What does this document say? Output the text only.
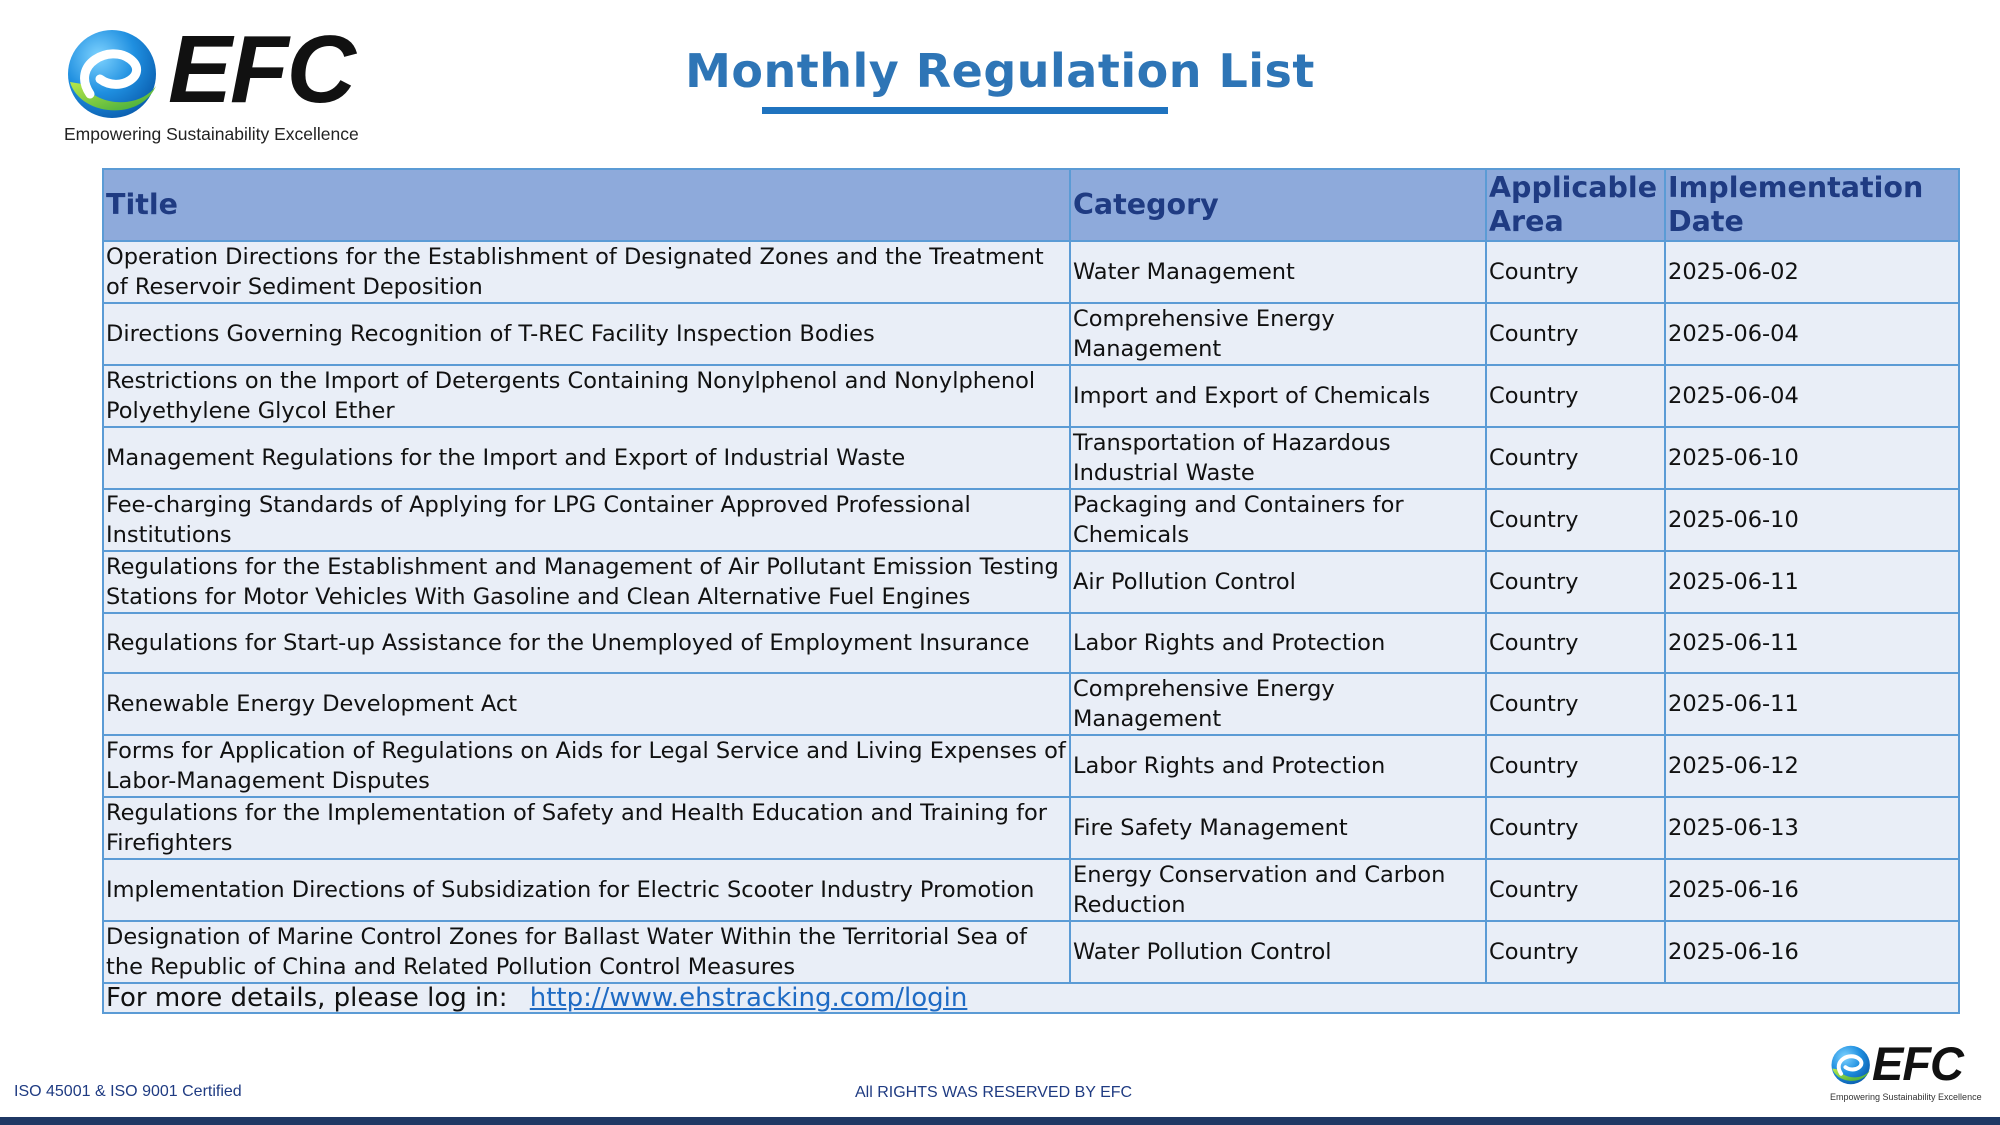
EFC
Empowering Sustainability Excellence
Monthly Regulation List
Title	Category	Applicable Area	Implementation Date
Operation Directions for the Establishment of Designated Zones and the Treatment of Reservoir Sediment Deposition	Water Management	Country	2025-06-02
Directions Governing Recognition of T-REC Facility Inspection Bodies	Comprehensive Energy Management	Country	2025-06-04
Restrictions on the Import of Detergents Containing Nonylphenol and Nonylphenol Polyethylene Glycol Ether	Import and Export of Chemicals	Country	2025-06-04
Management Regulations for the Import and Export of Industrial Waste	Transportation of Hazardous Industrial Waste	Country	2025-06-10
Fee-charging Standards of Applying for LPG Container Approved Professional Institutions	Packaging and Containers for Chemicals	Country	2025-06-10
Regulations for the Establishment and Management of Air Pollutant Emission Testing Stations for Motor Vehicles With Gasoline and Clean Alternative Fuel Engines	Air Pollution Control	Country	2025-06-11
Regulations for Start-up Assistance for the Unemployed of Employment Insurance	Labor Rights and Protection	Country	2025-06-11
Renewable Energy Development Act	Comprehensive Energy Management	Country	2025-06-11
Forms for Application of Regulations on Aids for Legal Service and Living Expenses of Labor-Management Disputes	Labor Rights and Protection	Country	2025-06-12
Regulations for the Implementation of Safety and Health Education and Training for Firefighters	Fire Safety Management	Country	2025-06-13
Implementation Directions of Subsidization for Electric Scooter Industry Promotion	Energy Conservation and Carbon Reduction	Country	2025-06-16
Designation of Marine Control Zones for Ballast Water Within the Territorial Sea of the Republic of China and Related Pollution Control Measures	Water Pollution Control	Country	2025-06-16
For more details, please log in: http://www.ehstracking.com/login			
ISO 45001 & ISO 9001 Certified	All RIGHTS WAS RESERVED BY EFC
EFC
Empowering Sustainability Excellence
